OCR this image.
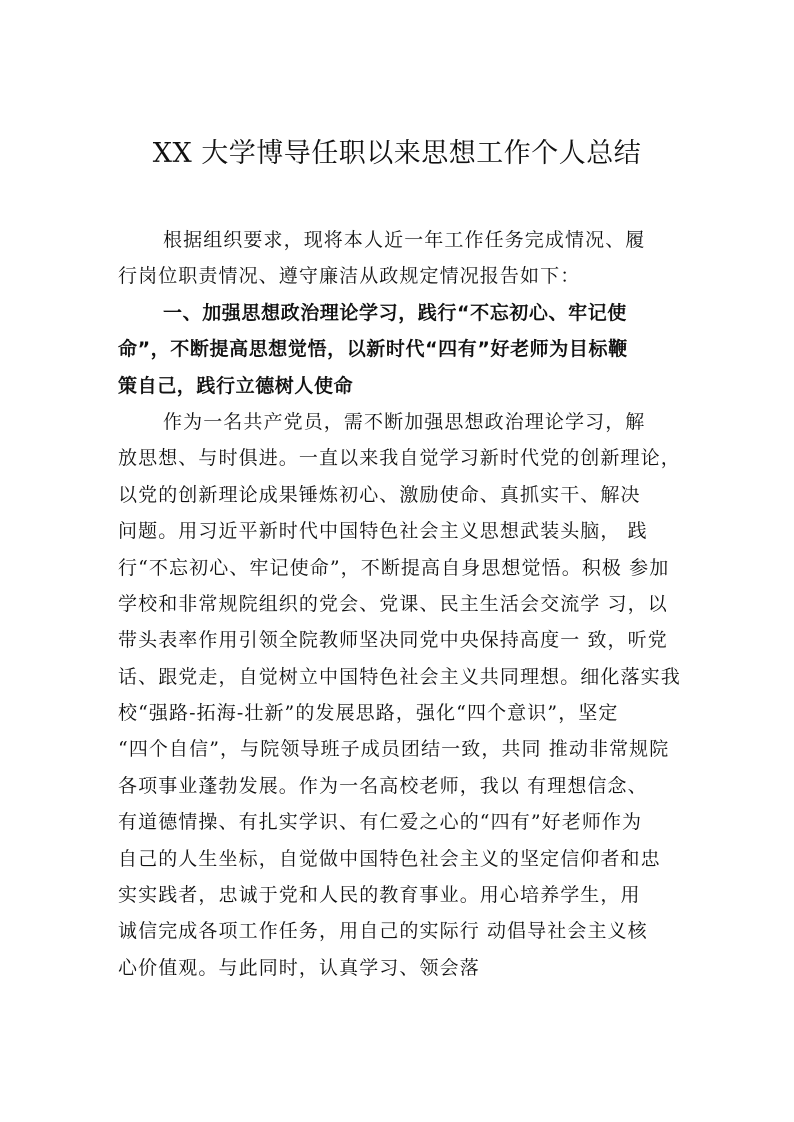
XX 大学博导任职以来思想工作个人总结
根据组织要求，现将本人近一年工作任务完成情况、履
行岗位职责情况、遵守廉洁从政规定情况报告如下：
一、加强思想政治理论学习，践行“不忘初心、牢记使
命”，不断提高思想觉悟，以新时代“四有”好老师为目标鞭
策自己，践行立德树人使命
作为一名共产党员，需不断加强思想政治理论学习，解
放思想、与时俱进。一直以来我自觉学习新时代党的创新理论，
以党的创新理论成果锤炼初心、激励使命、真抓实干、解决
问题。用习近平新时代中国特色社会主义思想武装头脑， 践
行“不忘初心、牢记使命”，不断提高自身思想觉悟。积极 参加
学校和非常规院组织的党会、党课、民主生活会交流学 习，以
带头表率作用引领全院教师坚决同党中央保持高度一 致，听党
话、跟党走，自觉树立中国特色社会主义共同理想。细化落实我
校“强路-拓海-壮新”的发展思路，强化“四个意识”，坚定
“四个自信”，与院领导班子成员团结一致，共同 推动非常规院
各项事业蓬勃发展。作为一名高校老师，我以 有理想信念、
有道德情操、有扎实学识、有仁爱之心的“四有”好老师作为
自己的人生坐标，自觉做中国特色社会主义的坚定信仰者和忠
实实践者，忠诚于党和人民的教育事业。用心培养学生，用
诚信完成各项工作任务，用自己的实际行 动倡导社会主义核
心价值观。与此同时，认真学习、领会落
